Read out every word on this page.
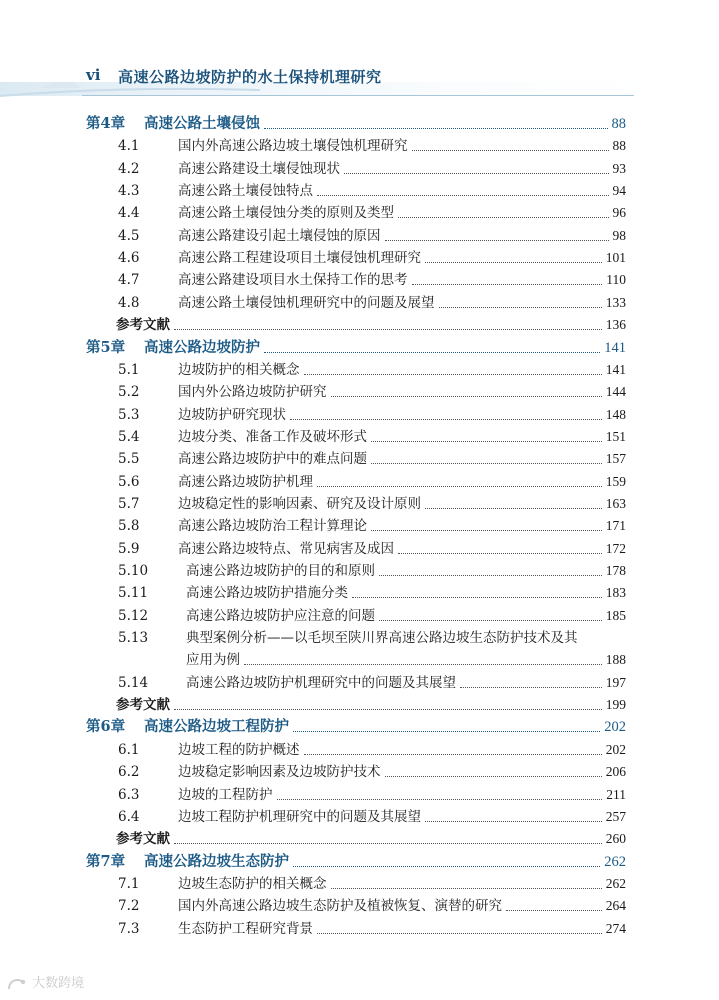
vi 高速公路边坡防护的水土保持机理研究
第4章	高速公路土壤侵蚀	88
4.1	国内外高速公路边坡土壤侵蚀机理研究	88
4.2	高速公路建设土壤侵蚀现状	93
4.3	高速公路土壤侵蚀特点	94
4.4	高速公路土壤侵蚀分类的原则及类型	96
4.5	高速公路建设引起土壤侵蚀的原因	98
4.6	高速公路工程建设项目土壤侵蚀机理研究	101
4.7	高速公路建设项目水土保持工作的思考	110
4.8	高速公路土壤侵蚀机理研究中的问题及展望	133
参考文献	136
第5章	高速公路边坡防护	141
5.1	边坡防护的相关概念	141
5.2	国内外公路边坡防护研究	144
5.3	边坡防护研究现状	148
5.4	边坡分类、准备工作及破坏形式	151
5.5	高速公路边坡防护中的难点问题	157
5.6	高速公路边坡防护机理	159
5.7	边坡稳定性的影响因素、研究及设计原则	163
5.8	高速公路边坡防治工程计算理论	171
5.9	高速公路边坡特点、常见病害及成因	172
5.10	高速公路边坡防护的目的和原则	178
5.11	高速公路边坡防护措施分类	183
5.12	高速公路边坡防护应注意的问题	185
5.13	典型案例分析——以毛坝至陕川界高速公路边坡生态防护技术及其
应用为例	188
5.14	高速公路边坡防护机理研究中的问题及其展望	197
参考文献	199
第6章	高速公路边坡工程防护	202
6.1	边坡工程的防护概述	202
6.2	边坡稳定影响因素及边坡防护技术	206
6.3	边坡的工程防护	211
6.4	边坡工程防护机理研究中的问题及其展望	257
参考文献	260
第7章	高速公路边坡生态防护	262
7.1	边坡生态防护的相关概念	262
7.2	国内外高速公路边坡生态防护及植被恢复、演替的研究	264
7.3	生态防护工程研究背景	274
大数跨境
